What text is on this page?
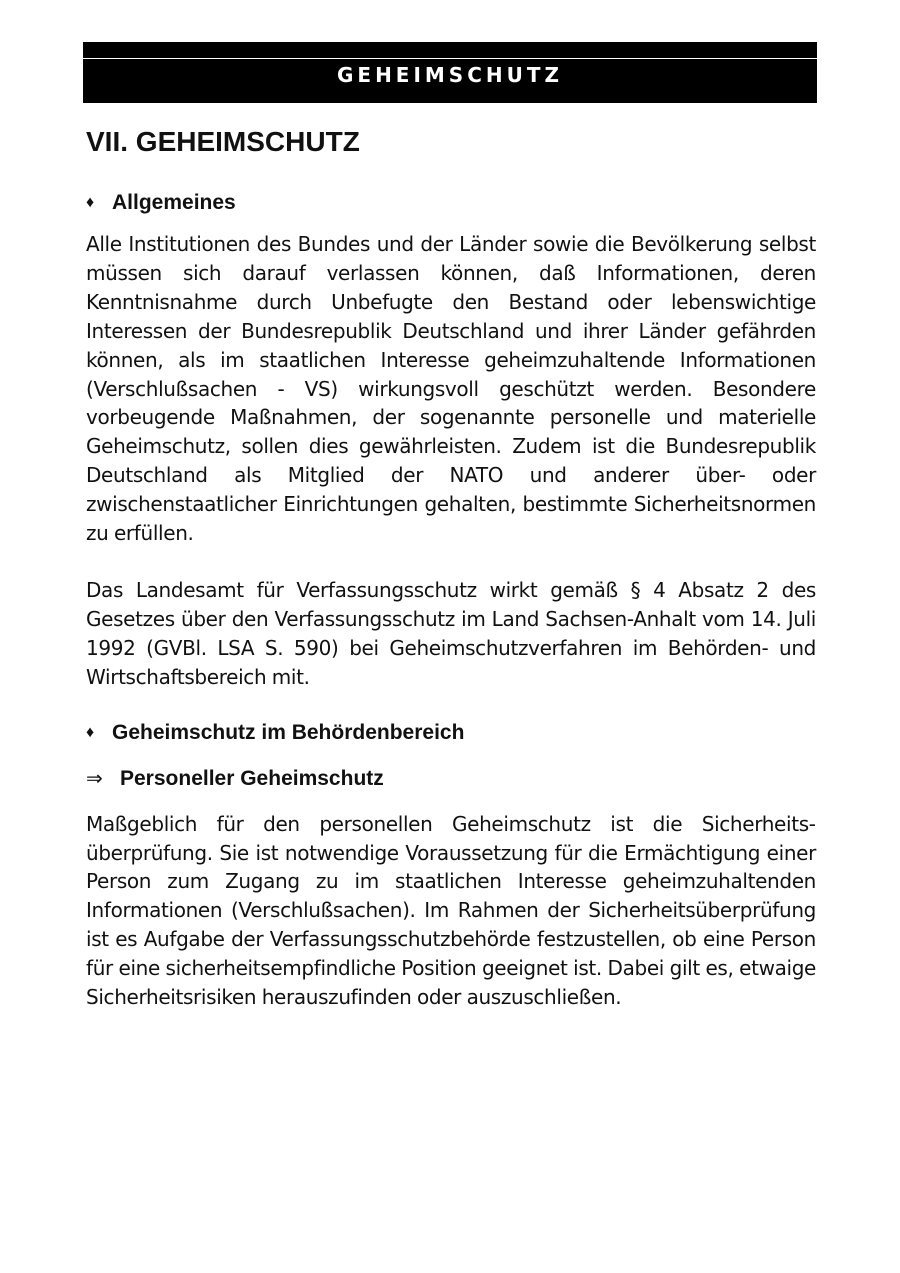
GEHEIMSCHUTZ
VII. GEHEIMSCHUTZ
♦ Allgemeines

Alle Institutionen des Bundes und der Länder sowie die Bevölkerung selbst müssen sich darauf verlassen können, daß Informationen, deren Kenntnisnahme durch Unbefugte den Bestand oder lebenswichtige Interessen der Bundesrepublik Deutschland und ihrer Länder gefährden können, als im staatlichen Interesse geheimzuhaltende Informationen (Verschlußsachen - VS) wirkungsvoll geschützt werden. Besondere vorbeugende Maßnahmen, der sogenannte personelle und materielle Geheimschutz, sollen dies gewährleisten. Zudem ist die Bundesrepublik Deutschland als Mitglied der NATO und anderer über- oder zwischenstaatlicher Einrichtungen gehalten, bestimmte Sicherheitsnormen zu erfüllen.

Das Landesamt für Verfassungsschutz wirkt gemäß § 4 Absatz 2 des Gesetzes über den Verfassungsschutz im Land Sachsen-Anhalt vom 14. Juli 1992 (GVBl. LSA S. 590) bei Geheimschutzverfahren im Behörden- und Wirtschaftsbereich mit.

♦ Geheimschutz im Behördenbereich
⇒ Personeller Geheimschutz

Maßgeblich für den personellen Geheimschutz ist die Sicherheitsüberprüfung. Sie ist notwendige Voraussetzung für die Ermächtigung einer Person zum Zugang zu im staatlichen Interesse geheimzuhaltenden Informationen (Verschlußsachen). Im Rahmen der Sicherheitsüberprüfung ist es Aufgabe der Verfassungsschutzbehörde festzustellen, ob eine Person für eine sicherheitsempfindliche Position geeignet ist. Dabei gilt es, etwaige Sicherheitsrisiken herauszufinden oder auszuschließen.
